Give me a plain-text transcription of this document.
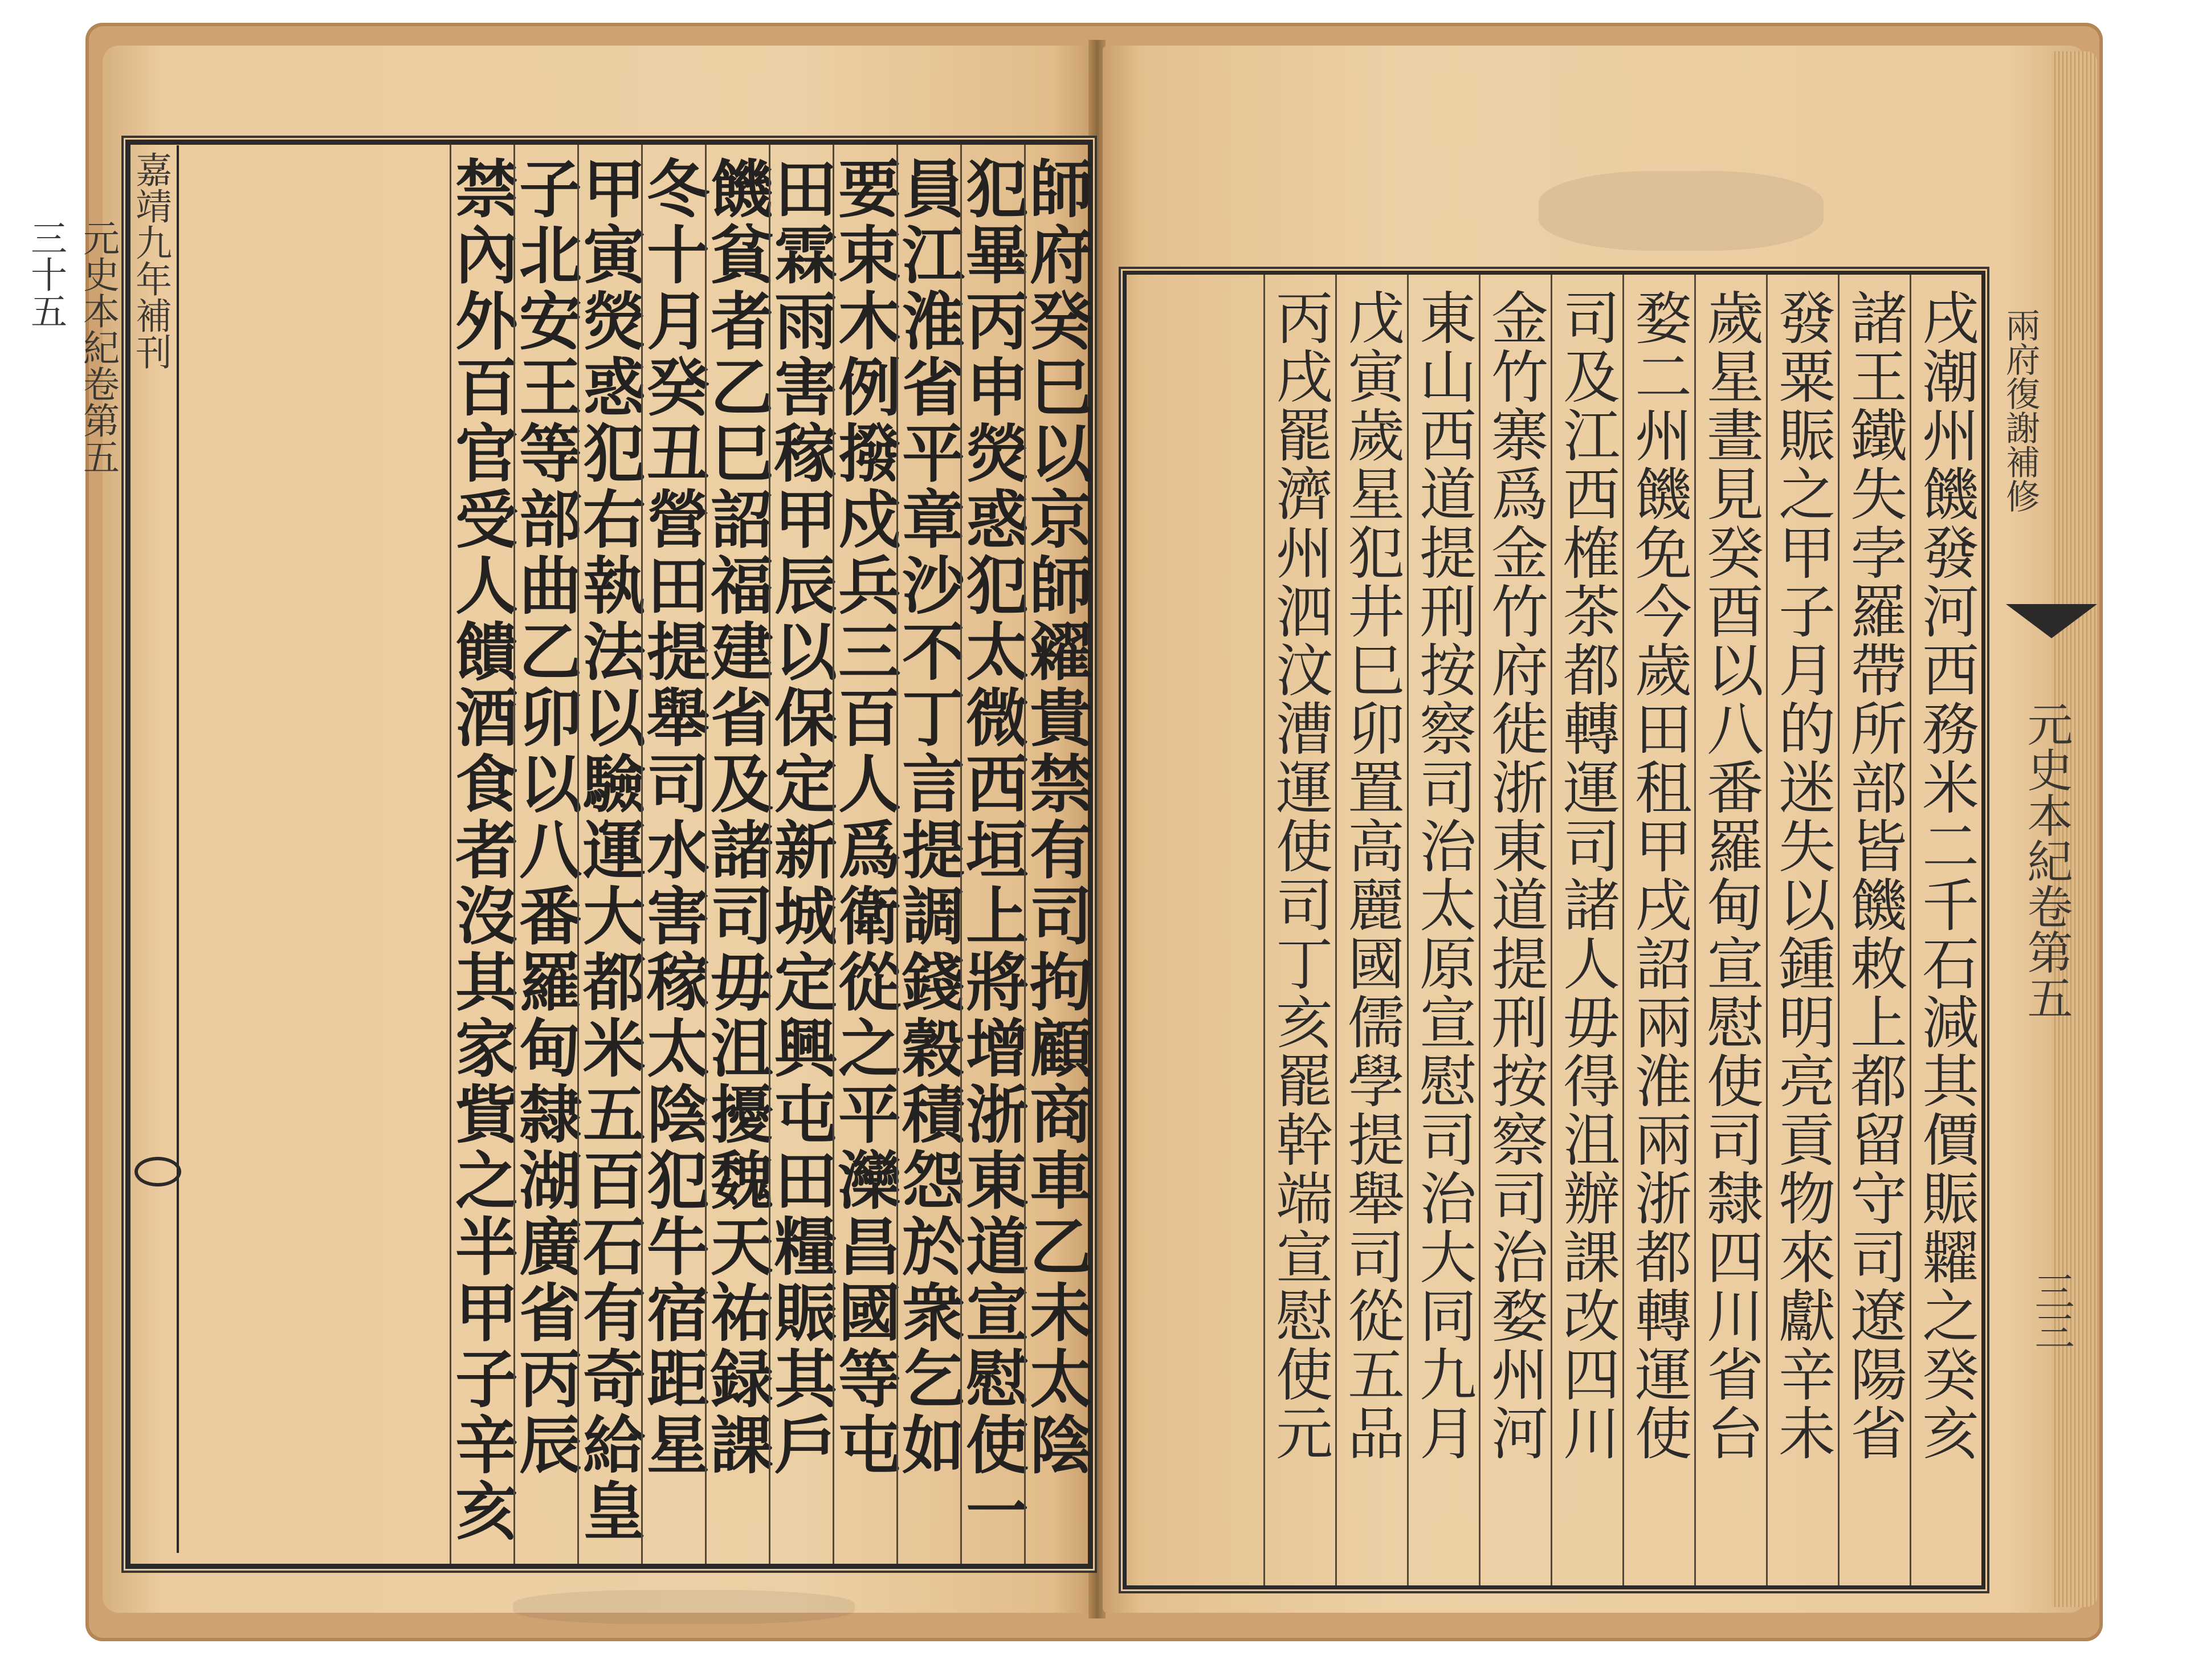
師府癸巳以京師糴貴禁有司拘顧商車乙未太陰
犯畢丙申熒惑犯太微西垣上將增浙東道宣慰使一
員江淮省平章沙不丁言提調錢穀積怨於衆乞如
要束木例撥戍兵三百人爲衛從之平灤昌國等屯
田霖雨害稼甲辰以保定新城定興屯田糧賑其戶
饑貧者乙巳詔福建省及諸司毋沮擾魏天祐録課
冬十月癸丑營田提舉司水害稼太陰犯牛宿距星
甲寅熒惑犯右執法以驗運大都米五百石有奇給皇
子北安王等部曲乙卯以八番羅甸隸湖廣省丙辰
禁內外百官受人饋酒食者沒其家貲之半甲子辛亥
嘉靖九年補刊
元史本紀卷第五
三十五
戌潮州饑發河西務米二千石減其價賑糶之癸亥
諸王鐵失孛羅帶所部皆饑敕上都留守司遼陽省
發粟賑之甲子月的迷失以鍾明亮貢物來獻辛未
歲星晝見癸酉以八番羅甸宣慰使司隸四川省台
婺二州饑免今歲田租甲戌詔兩淮兩浙都轉運使
司及江西榷茶都轉運司諸人毋得沮辦課改四川
金竹寨爲金竹府徙浙東道提刑按察司治婺州河
東山西道提刑按察司治太原宣慰司治大同九月
戊寅歲星犯井巳卯置高麗國儒學提舉司從五品
丙戌罷濟州泗汶漕運使司丁亥罷幹端宣慰使元	兩府復謝補修
元史本紀卷第五
三三
